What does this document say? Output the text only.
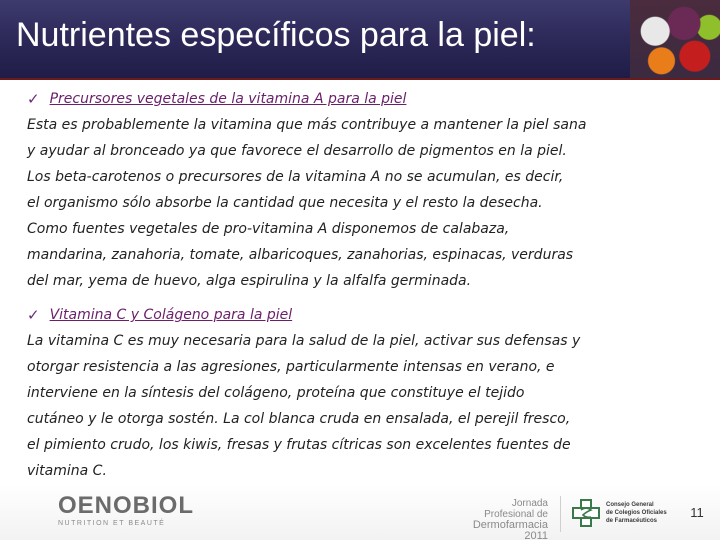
Nutrientes específicos para la piel:
✓ Precursores vegetales de la vitamina A para la piel

Esta es probablemente la vitamina que más contribuye a mantener la piel sana

y ayudar al bronceado ya que favorece el desarrollo de pigmentos en la piel.

Los beta-carotenos o precursores de la vitamina A no se acumulan, es decir,

el organismo sólo absorbe la cantidad que necesita y el resto la desecha.

Como fuentes vegetales de pro-vitamina A disponemos de calabaza,

mandarina, zanahoria, tomate, albaricoques, zanahorias, espinacas, verduras

del mar, yema de huevo, alga espirulina y la alfalfa germinada.

✓ Vitamina C y Colágeno para la piel

La vitamina C es muy necesaria para la salud de la piel, activar sus defensas y

otorgar resistencia a las agresiones, particularmente intensas en verano, e

interviene en la síntesis del colágeno, proteína que constituye el tejido

cutáneo y le otorga sostén. La col blanca cruda en ensalada, el perejil fresco,

el pimiento crudo, los kiwis, fresas y frutas cítricas son excelentes fuentes de

vitamina C.

OENOBIOL
NUTRITION ET BEAUTÉ
Jornada
Profesional de
Dermofarmacia 2011
Consejo General
de Colegios Oficiales
de Farmacéuticos
11
